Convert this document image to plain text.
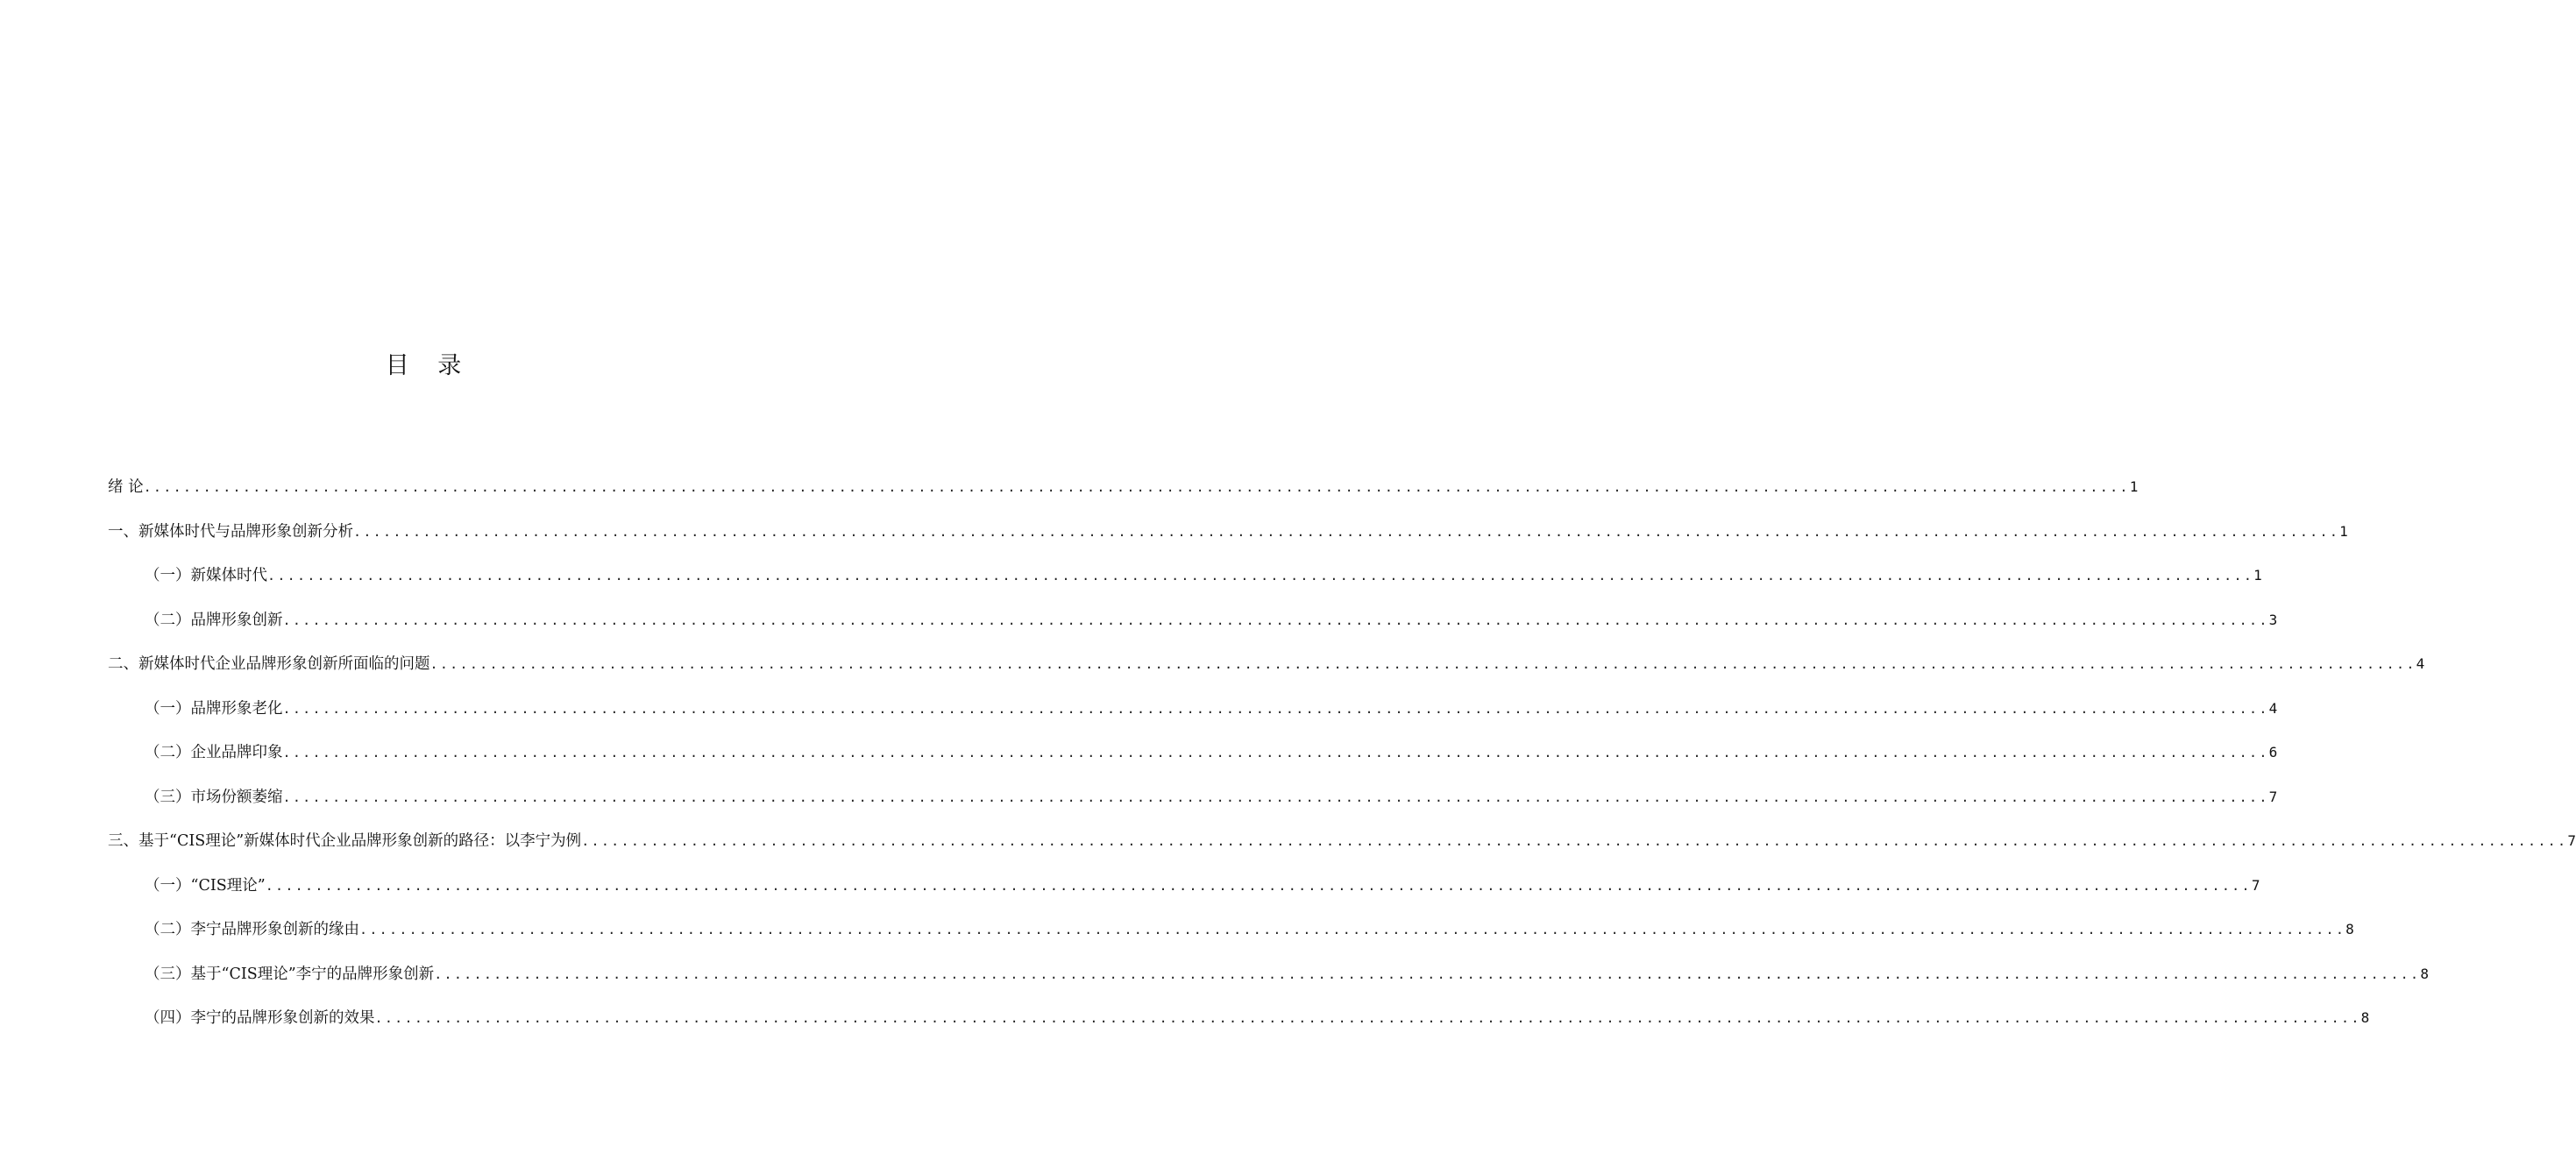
目 录
绪 论 ........................................................................................................................................................................................................ 1
一、新媒体时代与品牌形象创新分析 ........................................................................................................................................................................................................ 1
（一）新媒体时代 ........................................................................................................................................................................................................ 1
（二）品牌形象创新 ........................................................................................................................................................................................................ 3
二、新媒体时代企业品牌形象创新所面临的问题 ........................................................................................................................................................................................................ 4
（一）品牌形象老化 ........................................................................................................................................................................................................ 4
（二）企业品牌印象 ........................................................................................................................................................................................................ 6
（三）市场份额萎缩 ........................................................................................................................................................................................................ 7
三、基于“CIS理论”新媒体时代企业品牌形象创新的路径：以李宁为例 ........................................................................................................................................................................................................ 7
（一）“CIS理论” ........................................................................................................................................................................................................ 7
（二）李宁品牌形象创新的缘由 ........................................................................................................................................................................................................ 8
（三）基于“CIS理论”李宁的品牌形象创新 ........................................................................................................................................................................................................ 8
（四）李宁的品牌形象创新的效果 ........................................................................................................................................................................................................ 8
